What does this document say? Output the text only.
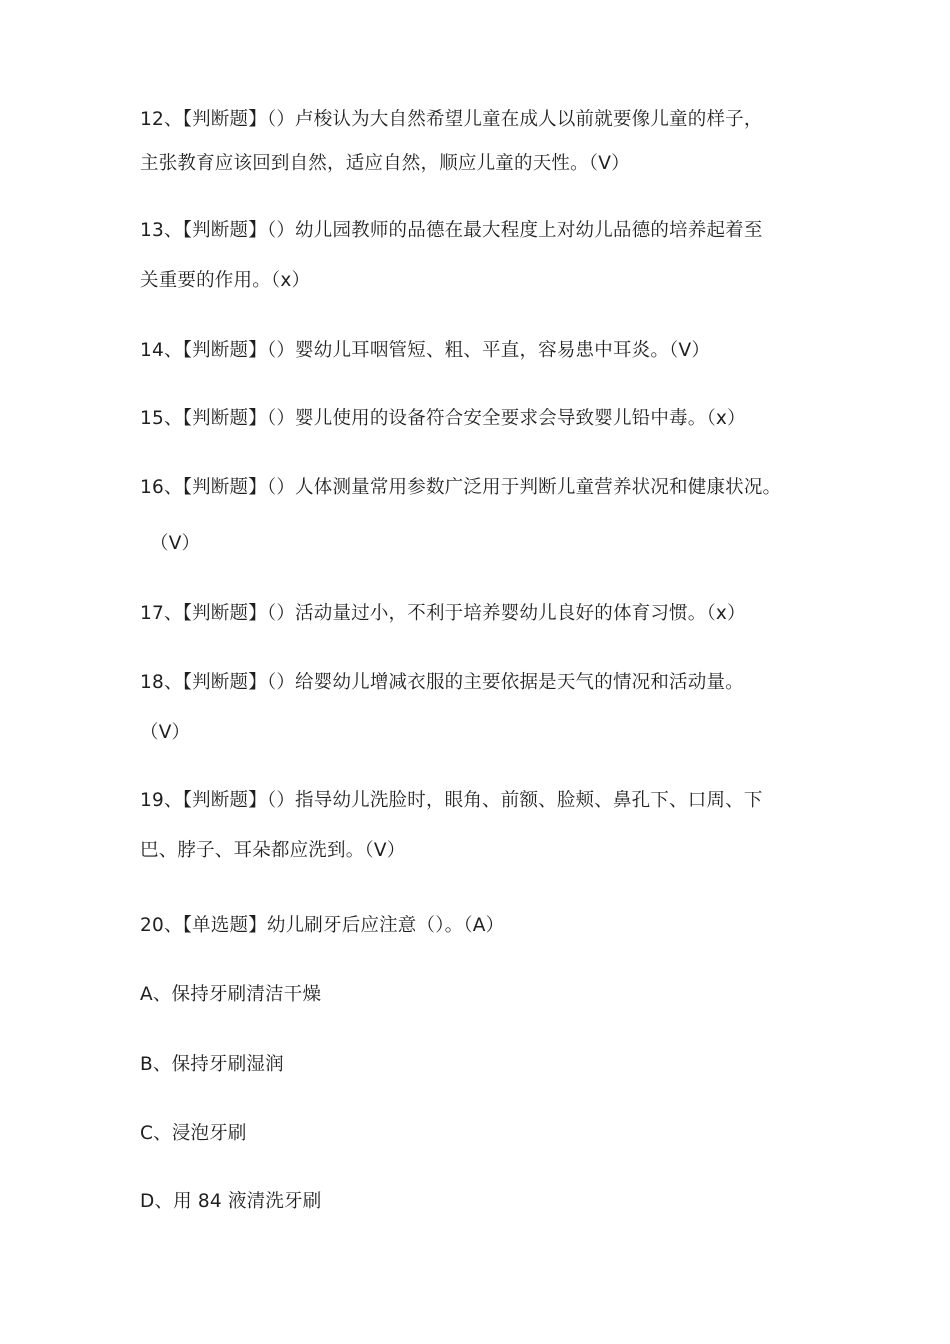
12、【判断题】（）卢梭认为大自然希望儿童在成人以前就要像儿童的样子，
主张教育应该回到自然，适应自然，顺应儿童的天性。（V）
13、【判断题】（）幼儿园教师的品德在最大程度上对幼儿品德的培养起着至
关重要的作用。（x）
14、【判断题】（）婴幼儿耳咽管短、粗、平直，容易患中耳炎。（V）
15、【判断题】（）婴儿使用的设备符合安全要求会导致婴儿铅中毒。（x）
16、【判断题】（）人体测量常用参数广泛用于判断儿童营养状况和健康状况。
（V）
17、【判断题】（）活动量过小，不利于培养婴幼儿良好的体育习惯。（x）
18、【判断题】（）给婴幼儿增减衣服的主要依据是天气的情况和活动量。
（V）
19、【判断题】（）指导幼儿洗脸时，眼角、前额、脸颊、鼻孔下、口周、下
巴、脖子、耳朵都应洗到。（V）
20、【单选题】幼儿刷牙后应注意（）。（A）
A、保持牙刷清洁干燥
B、保持牙刷湿润
C、浸泡牙刷
D、用 84 液清洗牙刷
